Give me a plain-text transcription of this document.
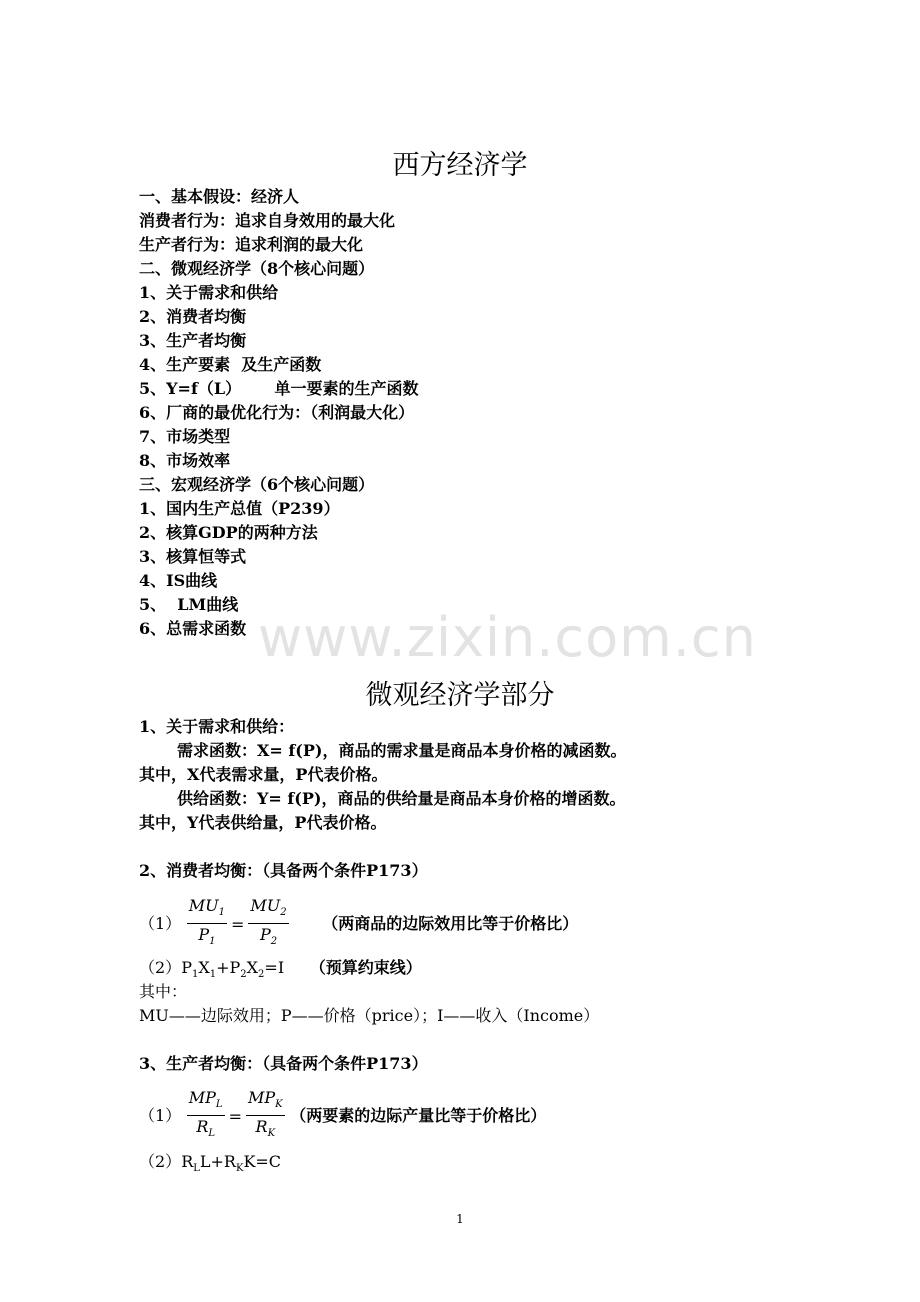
www.zixin.com.cn
西方经济学
一、基本假设：经济人
消费者行为：追求自身效用的最大化
生产者行为：追求利润的最大化
二、微观经济学（8个核心问题）
1、关于需求和供给
2、消费者均衡
3、生产者均衡
4、生产要素  及生产函数
5、Y=f（L）      单一要素的生产函数
6、厂商的最优化行为：（利润最大化）
7、市场类型
8、市场效率
三、宏观经济学（6个核心问题）
1、国内生产总值（P239）
2、核算GDP的两种方法
3、核算恒等式
4、IS曲线
5、  LM曲线
6、总需求函数
微观经济学部分
1、关于需求和供给：
需求函数：X= f(P)，商品的需求量是商品本身价格的减函数。
其中，X代表需求量，P代表价格。
供给函数：Y= f(P)，商品的供给量是商品本身价格的增函数。
其中，Y代表供给量，P代表价格。
2、消费者均衡：（具备两个条件P173）
$(1) \frac{MU_1}{P_1} = \frac{MU_2}{P_2}$ （两商品的边际效用比等于价格比）
$(2)P_1X_1+P_2X_2=I$ （预算约束线）
其中：
MU——边际效用；P——价格（price）；I——收入（Income）
3、生产者均衡：（具备两个条件P173）
$(1) \frac{MP_L}{R_L} = \frac{MP_K}{R_K}$ （两要素的边际产量比等于价格比）
$(2)R_LL+R_KK=C$
1
